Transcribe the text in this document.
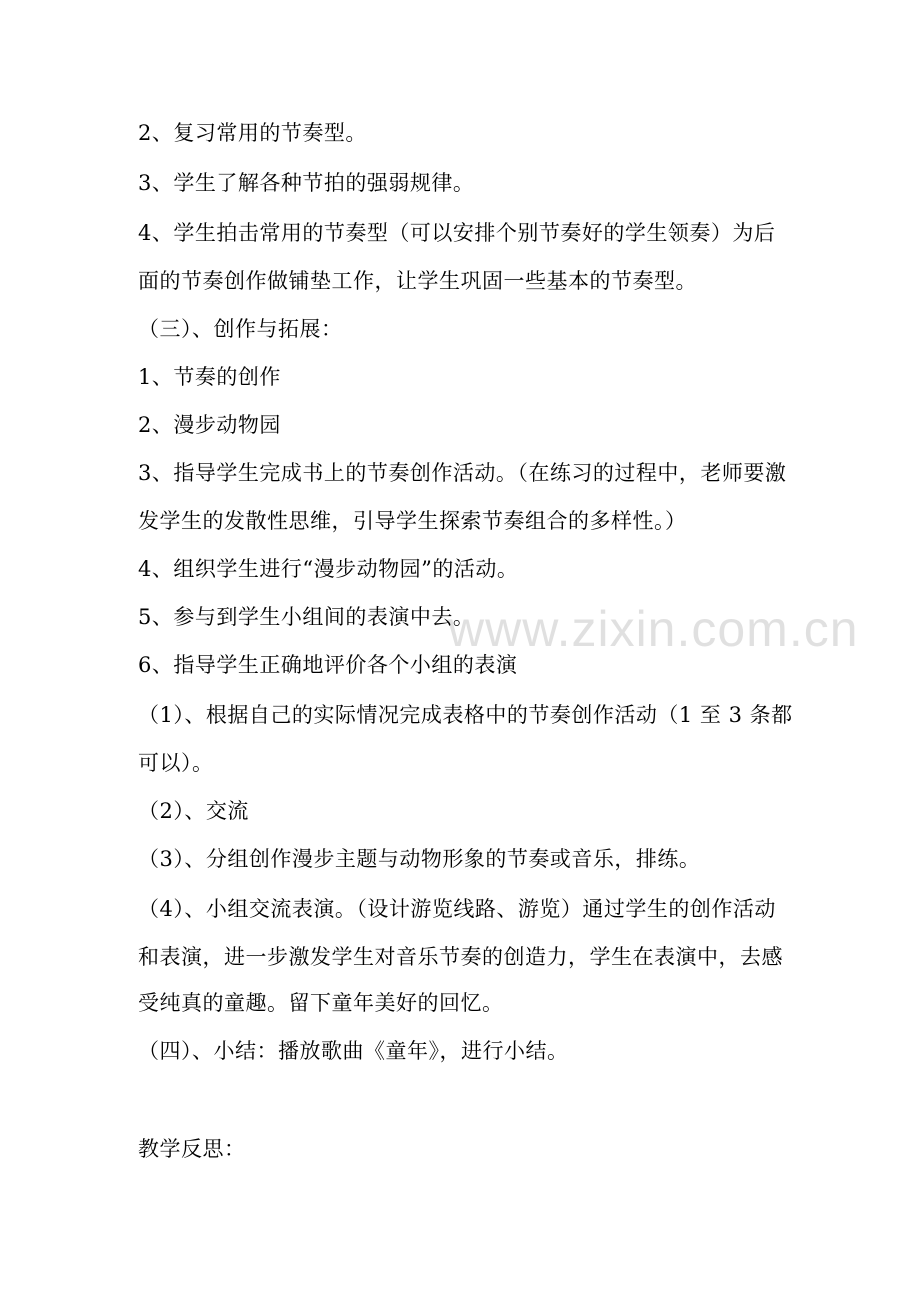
2、复习常用的节奏型。
3、学生了解各种节拍的强弱规律。
4、学生拍击常用的节奏型（可以安排个别节奏好的学生领奏）为后
面的节奏创作做铺垫工作，让学生巩固一些基本的节奏型。
（三）、创作与拓展：
1、节奏的创作
2、漫步动物园
3、指导学生完成书上的节奏创作活动。（在练习的过程中，老师要激
发学生的发散性思维，引导学生探索节奏组合的多样性。）
4、组织学生进行“漫步动物园”的活动。
5、参与到学生小组间的表演中去。
6、指导学生正确地评价各个小组的表演
（1）、根据自己的实际情况完成表格中的节奏创作活动（1 至 3 条都
可以）。
（2）、交流
（3）、分组创作漫步主题与动物形象的节奏或音乐，排练。
（4）、小组交流表演。（设计游览线路、游览）通过学生的创作活动
和表演，进一步激发学生对音乐节奏的创造力，学生在表演中，去感
受纯真的童趣。留下童年美好的回忆。
（四）、小结：播放歌曲《童年》，进行小结。
教学反思：
www.zixin.com.cn
